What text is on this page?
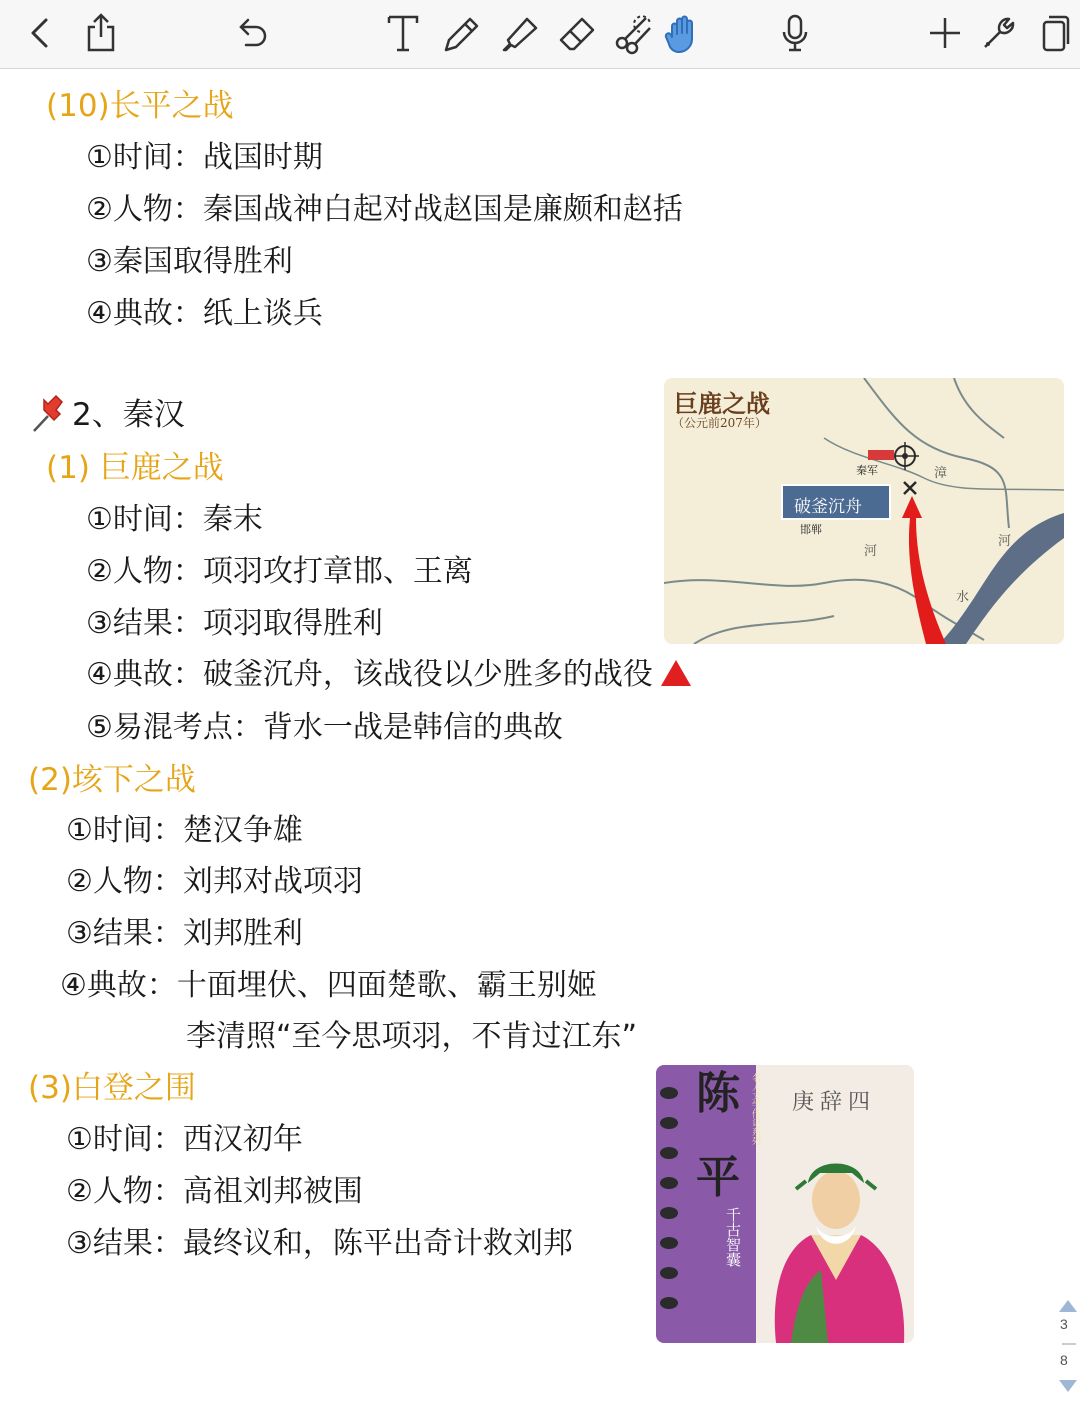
(10)长平之战
①时间：战国时期
②人物：秦国战神白起对战赵国是廉颇和赵括
③秦国取得胜利
④典故：纸上谈兵
2、秦汉
(1) 巨鹿之战
①时间：秦末
②人物：项羽攻打章邯、王离
③结果：项羽取得胜利
④典故：破釜沉舟，该战役以少胜多的战役
⑤易混考点：背水一战是韩信的典故
(2)垓下之战
①时间：楚汉争雄
②人物：刘邦对战项羽
③结果：刘邦胜利
④典故：十面埋伏、四面楚歌、霸王别姬
李清照“至今思项羽，不肯过江东”
(3)白登之围
①时间：西汉初年
②人物：高祖刘邦被围
③结果：最终议和，陈平出奇计救刘邦
巨鹿之战
（公元前207年）
破釜沉舟
邯郸
秦军	漳
河
河
水
陈
平
千古智囊
名人文学传记系列 庚辞四
3
8
